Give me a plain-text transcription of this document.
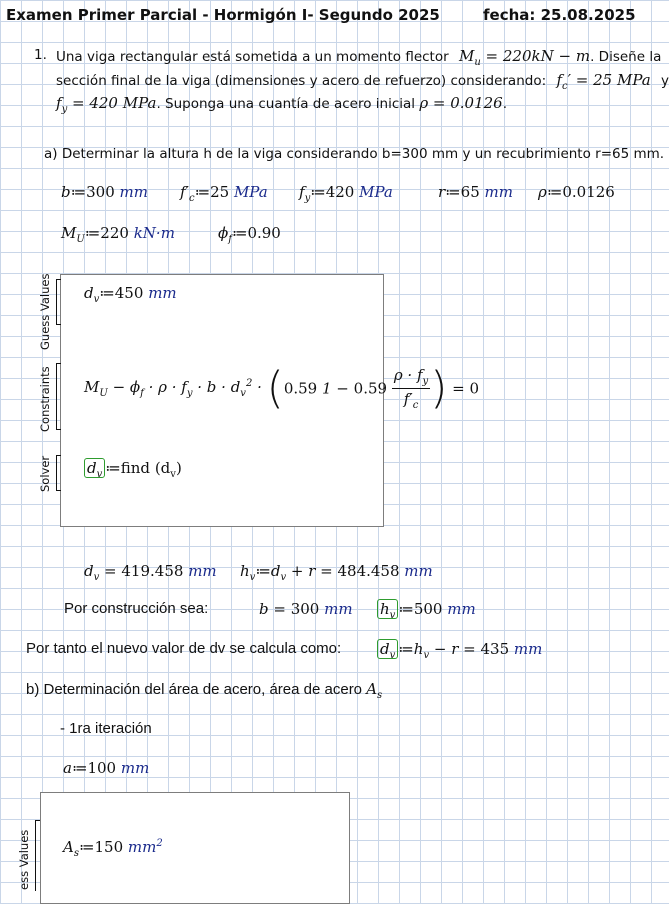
Examen Primer Parcial - Hormigón I- Segundo 2025	fecha: 25.08.2025
1. Una viga rectangular está sometida a un momento flector $M_u = 220kN - m$. Diseñe la
sección final de la viga (dimensiones y acero de refuerzo) considerando: $f_c' = 25$ MPa y
$f_y = 420$ MPa. Suponga una cuantía de acero inicial ρ = 0.0126.
a) Determinar la altura h de la viga considerando b=300 mm y un recubrimiento r=65 mm.
b≔300 mm $f'_c≔25$ MPa $f_y≔420$ MPa	r≔65 mm ρ≔0.0126
$M_U≔220$ kN·m	$\phi_f≔0.90$
Guess Values
Constraints
Solver
$d_v≔450$ mm
$M_U - \phi_f \cdot \rho \cdot f_y \cdot b \cdot d_v^2 \cdot (0.59$ $1 - 0.59 \frac{\rho \cdot f_y}{f'_c}$ ) = 0
$d_v$ ≔find $(d_v)$
$d_v = 419.458$ mm $h_v≔d_v + r = 484.458$ mm
Por construcción sea:	b = 300 mm $h_v$ ≔500 mm
Por tanto el nuevo valor de dv se calcula como:	$d_v$ $≔h_v - r = 435$ mm
b) Determinación del área de acero, área de acero $A_s$
- 1ra iteración
a≔100 mm
ess Values $A_s≔150$ $mm^2$
